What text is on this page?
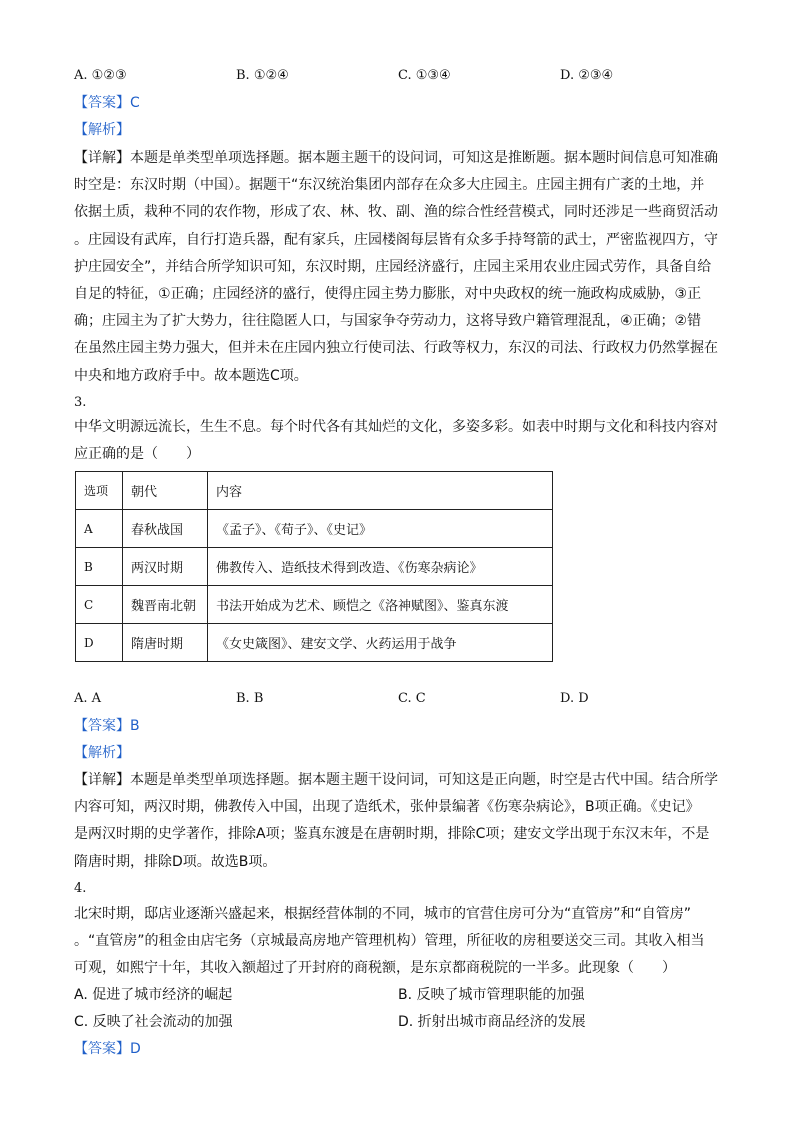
A. ①②③	B. ①②④	C. ①③④	D. ②③④
【答案】C
【解析】
【详解】本题是单类型单项选择题。据本题主题干的设问词，可知这是推断题。据本题时间信息可知准确
时空是：东汉时期（中国）。据题干“东汉统治集团内部存在众多大庄园主。庄园主拥有广袤的土地，并
依据土质，栽种不同的农作物，形成了农、林、牧、副、渔的综合性经营模式，同时还涉足一些商贸活动
。庄园设有武库，自行打造兵器，配有家兵，庄园楼阁每层皆有众多手持弩箭的武士，严密监视四方，守
护庄园安全”，并结合所学知识可知，东汉时期，庄园经济盛行，庄园主采用农业庄园式劳作，具备自给
自足的特征，①正确；庄园经济的盛行，使得庄园主势力膨胀，对中央政权的统一施政构成威胁，③正
确；庄园主为了扩大势力，往往隐匿人口，与国家争夺劳动力，这将导致户籍管理混乱，④正确；②错
在虽然庄园主势力强大，但并未在庄园内独立行使司法、行政等权力，东汉的司法、行政权力仍然掌握在
中央和地方政府手中。故本题选C项。
3.
中华文明源远流长，生生不息。每个时代各有其灿烂的文化，多姿多彩。如表中时期与文化和科技内容对
应正确的是（　　）
选项	朝代	内容
A	春秋战国	《孟子》、《荀子》、《史记》
B	两汉时期	佛教传入、造纸技术得到改造、《伤寒杂病论》
C	魏晋南北朝	书法开始成为艺术、顾恺之《洛神赋图》、鉴真东渡
D	隋唐时期	《女史箴图》、建安文学、火药运用于战争
A. A	B. B	C. C	D. D
【答案】B
【解析】
【详解】本题是单类型单项选择题。据本题主题干设问词，可知这是正向题，时空是古代中国。结合所学
内容可知，两汉时期，佛教传入中国，出现了造纸术，张仲景编著《伤寒杂病论》，B项正确。《史记》
是两汉时期的史学著作，排除A项；鉴真东渡是在唐朝时期，排除C项；建安文学出现于东汉末年，不是
隋唐时期，排除D项。故选B项。
4.
北宋时期，邸店业逐渐兴盛起来，根据经营体制的不同，城市的官营住房可分为“直管房”和“自管房”
。“直管房”的租金由店宅务（京城最高房地产管理机构）管理，所征收的房租要送交三司。其收入相当
可观，如熙宁十年，其收入额超过了开封府的商税额，是东京都商税院的一半多。此现象（　　）
A. 促进了城市经济的崛起	B. 反映了城市管理职能的加强
C. 反映了社会流动的加强	D. 折射出城市商品经济的发展
【答案】D
